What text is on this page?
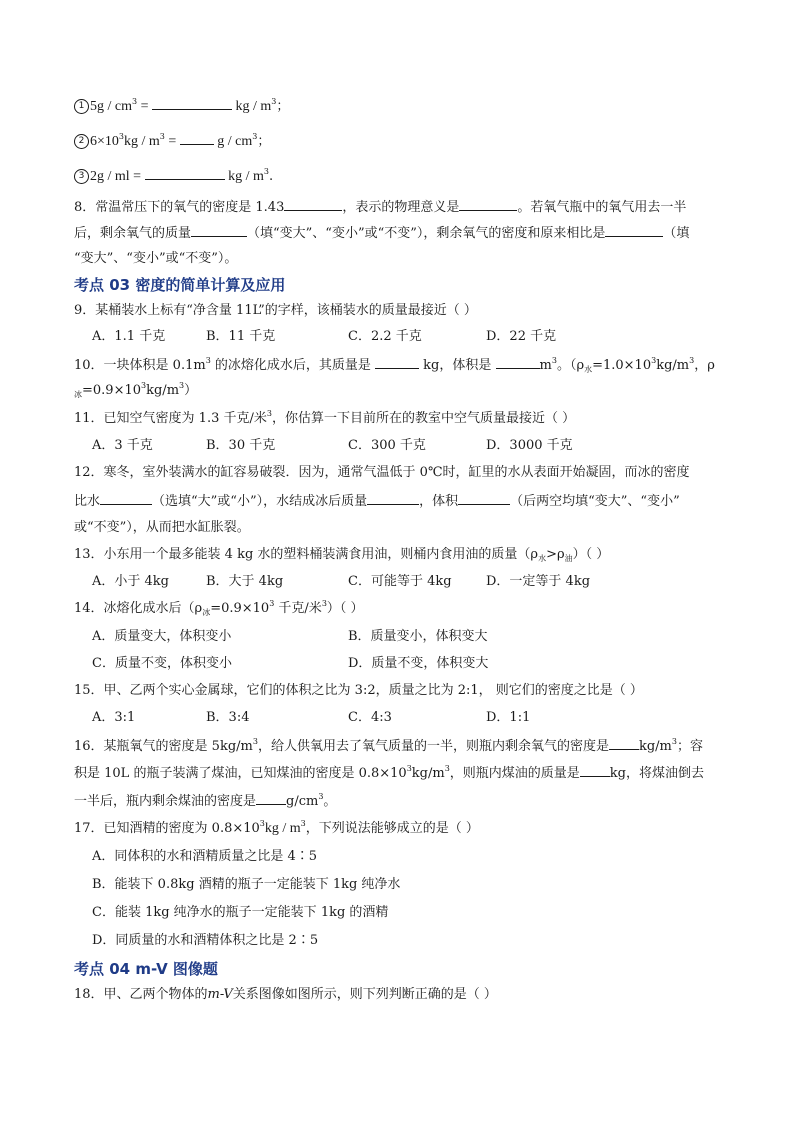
1 $5g / cm^3$ =	kg / $m^3$；
2 $6\times 10^3kg / m^3 = g / cm^3$；
3 2g / ml =	kg / $m^3$.
8．常温常压下的氧气的密度是 1.43	，表示的物理意义是	。若氧气瓶中的氧气用去一半
后，剩余氧气的质量	（填“变大”、“变小”或“不变”），剩余氧气的密度和原来相比是	（填
“变大”、“变小”或“不变”）。
考点 03 密度的简单计算及应用
9．某桶装水上标有“净含量 11L”的字样，该桶装水的质量最接近（ ）
A．1.1 千克	B．11 千克	C．2.2 千克	D．22 千克
10．一块体积是 $0.1m^3$ 的冰熔化成水后，其质量是	kg，体积是	$m^3$。（$\rho_水=1.0\times 10^3kg/m^3$，ρ
$_冰=0.9\times 10^3kg/m^3$）
11．已知空气密度为 1.3 千克/米$^3$，你估算一下目前所在的教室中空气质量最接近（ ）
A．3 千克	B．30 千克	C．300 千克	D．3000 千克
12．寒冬，室外装满水的缸容易破裂．因为，通常气温低于 0℃时，缸里的水从表面开始凝固，而冰的密度
比水	（选填“大”或“小”），水结成冰后质量	，体积	（后两空均填“变大”、“变小”
或“不变”），从而把水缸胀裂。
13．小东用一个最多能装 4 kg 水的塑料桶装满食用油，则桶内食用油的质量$(\rho_水>\rho_油)$（ ）
A．小于 4kg	B．大于 4kg	C．可能等于 4kg	D．一定等于 4kg
14．冰熔化成水后（$\rho_冰=0.9\times 10^3$ 千克/米$^3$）（ ）
A．质量变大，体积变小	B．质量变小，体积变大
C．质量不变，体积变小	D．质量不变，体积变大
15．甲、乙两个实心金属球，它们的体积之比为 3:2，质量之比为 2:1， 则它们的密度之比是（ ）
A．3:1	B．3:4	C．4:3	D．1:1
16．某瓶氧气的密度是 $5kg/m^3$，给人供氧用去了氧气质量的一半，则瓶内剩余氧气的密度是 $kg/m^3$；容
积是 10L 的瓶子装满了煤油，已知煤油的密度是 $0.8\times 10^3kg/m^3$，则瓶内煤油的质量是 kg，将煤油倒去
一半后，瓶内剩余煤油的密度是 $g/cm^3$。
17．已知酒精的密度为 $0.8\times 10^3kg / m^3$，下列说法能够成立的是（ ）
A．同体积的水和酒精质量之比是 4∶5
B．能装下 0.8kg 酒精的瓶子一定能装下 1kg 纯净水
C．能装 1kg 纯净水的瓶子一定能装下 1kg 的酒精
D．同质量的水和酒精体积之比是 2∶5
考点 04 m-V 图像题
18．甲、乙两个物体的m-V关系图像如图所示，则下列判断正确的是（ ）
